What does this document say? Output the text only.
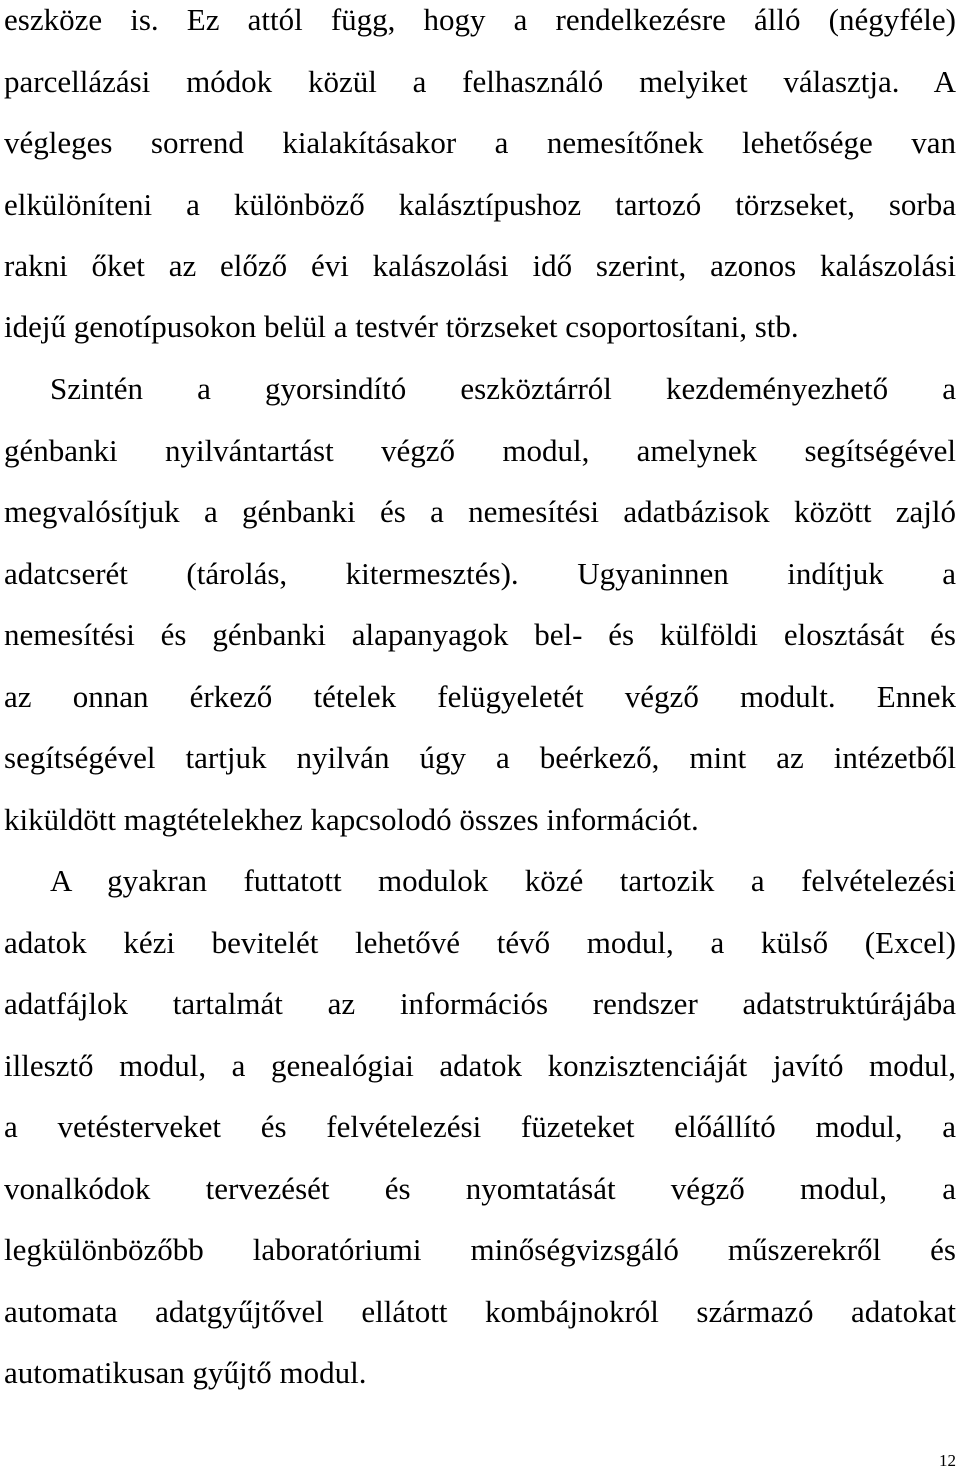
eszköze is. Ez attól függ, hogy a rendelkezésre álló (négyféle)
parcellázási módok közül a felhasználó melyiket választja. A
végleges sorrend kialakításakor a nemesítőnek lehetősége van
elkülöníteni a különböző kalásztípushoz tartozó törzseket, sorba
rakni őket az előző évi kalászolási idő szerint, azonos kalászolási
idejű genotípusokon belül a testvér törzseket csoportosítani, stb.
Szintén a gyorsindító eszköztárról kezdeményezhető a
génbanki nyilvántartást végző modul, amelynek segítségével
megvalósítjuk a génbanki és a nemesítési adatbázisok között zajló
adatcserét (tárolás, kitermesztés). Ugyaninnen indítjuk a
nemesítési és génbanki alapanyagok bel- és külföldi elosztását és
az onnan érkező tételek felügyeletét végző modult. Ennek
segítségével tartjuk nyilván úgy a beérkező, mint az intézetből
kiküldött magtételekhez kapcsolodó összes információt.
A gyakran futtatott modulok közé tartozik a felvételezési
adatok kézi bevitelét lehetővé tévő modul, a külső (Excel)
adatfájlok tartalmát az információs rendszer adatstruktúrájába
illesztő modul, a genealógiai adatok konzisztenciáját javító modul,
a vetésterveket és felvételezési füzeteket előállító modul, a
vonalkódok tervezését és nyomtatását végző modul, a
legkülönbözőbb laboratóriumi minőségvizsgáló műszerekről és
automata adatgyűjtővel ellátott kombájnokról származó adatokat
automatikusan gyűjtő modul.
12
